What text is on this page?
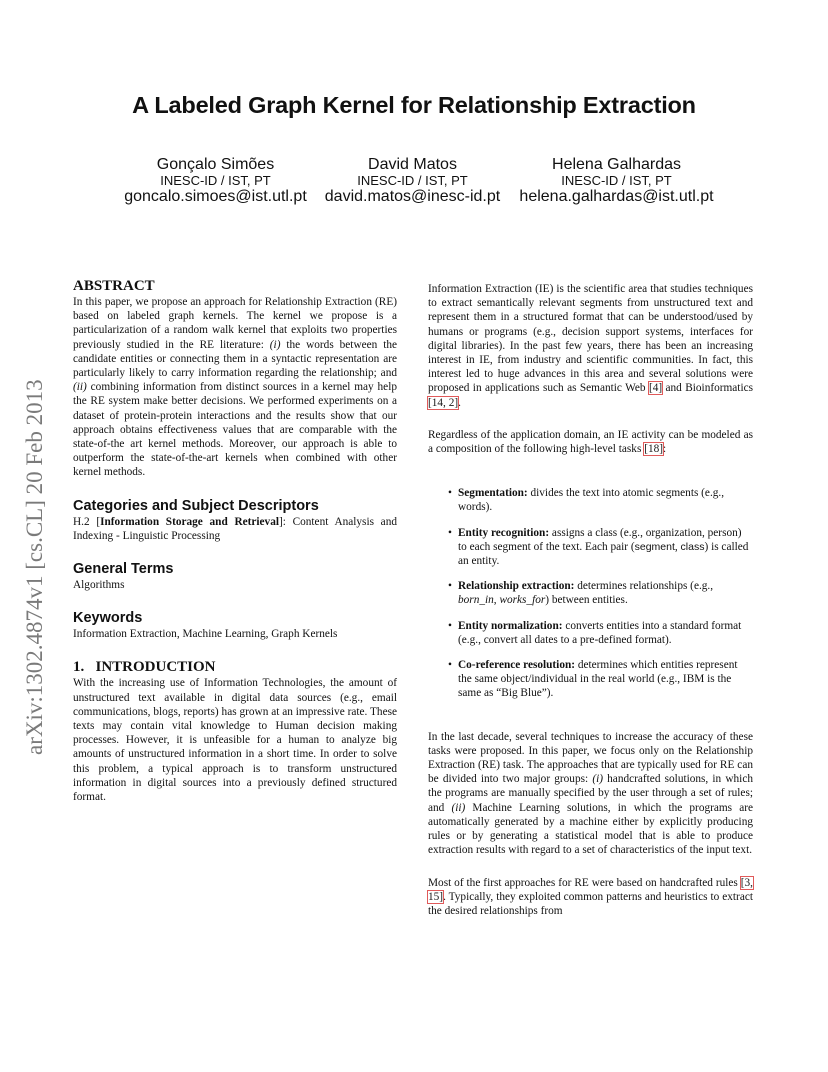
A Labeled Graph Kernel for Relationship Extraction
Gonçalo Simões
INESC-ID / IST, PT
goncalo.simoes@ist.utl.pt
David Matos
INESC-ID / IST, PT
david.matos@inesc-id.pt
Helena Galhardas
INESC-ID / IST, PT
helena.galhardas@ist.utl.pt
arXiv:1302.4874v1 [cs.CL] 20 Feb 2013
ABSTRACT

In this paper, we propose an approach for Relationship Extraction (RE) based on labeled graph kernels. The kernel we propose is a particularization of a random walk kernel that exploits two properties previously studied in the RE literature: (i) the words between the candidate entities or connecting them in a syntactic representation are particularly likely to carry information regarding the relationship; and (ii) combining information from distinct sources in a kernel may help the RE system make better decisions. We performed experiments on a dataset of protein-protein interactions and the results show that our approach obtains effectiveness values that are comparable with the state-of-the art kernel methods. Moreover, our approach is able to outperform the state-of-the-art kernels when combined with other kernel methods.

Categories and Subject Descriptors

H.2 [Information Storage and Retrieval]: Content Analysis and Indexing - Linguistic Processing

General Terms

Algorithms

Keywords

Information Extraction, Machine Learning, Graph Kernels

1.   INTRODUCTION

With the increasing use of Information Technologies, the amount of unstructured text available in digital data sources (e.g., email communications, blogs, reports) has grown at an impressive rate. These texts may contain vital knowledge to Human decision making processes. However, it is unfeasible for a human to analyze big amounts of unstructured information in a short time. In order to solve this problem, a typical approach is to transform unstructured information in digital sources into a previously defined structured format.

Information Extraction (IE) is the scientific area that studies techniques to extract semantically relevant segments from unstructured text and represent them in a structured format that can be understood/used by humans or programs (e.g., decision support systems, interfaces for digital libraries). In the past few years, there has been an increasing interest in IE, from industry and scientific communities. In fact, this interest led to huge advances in this area and several solutions were proposed in applications such as Semantic Web [4] and Bioinformatics [14, 2].

Regardless of the application domain, an IE activity can be modeled as a composition of the following high-level tasks [18]:

• Segmentation: divides the text into atomic segments (e.g., words).
• Entity recognition: assigns a class (e.g., organization, person) to each segment of the text. Each pair (segment, class) is called an entity.
• Relationship extraction: determines relationships (e.g., born_in, works_for) between entities.
• Entity normalization: converts entities into a standard format (e.g., convert all dates to a pre-defined format).
• Co-reference resolution: determines which entities represent the same object/individual in the real world (e.g., IBM is the same as “Big Blue”).

In the last decade, several techniques to increase the accuracy of these tasks were proposed. In this paper, we focus only on the Relationship Extraction (RE) task. The approaches that are typically used for RE can be divided into two major groups: (i) handcrafted solutions, in which the programs are manually specified by the user through a set of rules; and (ii) Machine Learning solutions, in which the programs are automatically generated by a machine either by explicitly producing rules or by generating a statistical model that is able to produce extraction results with regard to a set of characteristics of the input text.

Most of the first approaches for RE were based on handcrafted rules [3, 15]. Typically, they exploited common patterns and heuristics to extract the desired relationships from
